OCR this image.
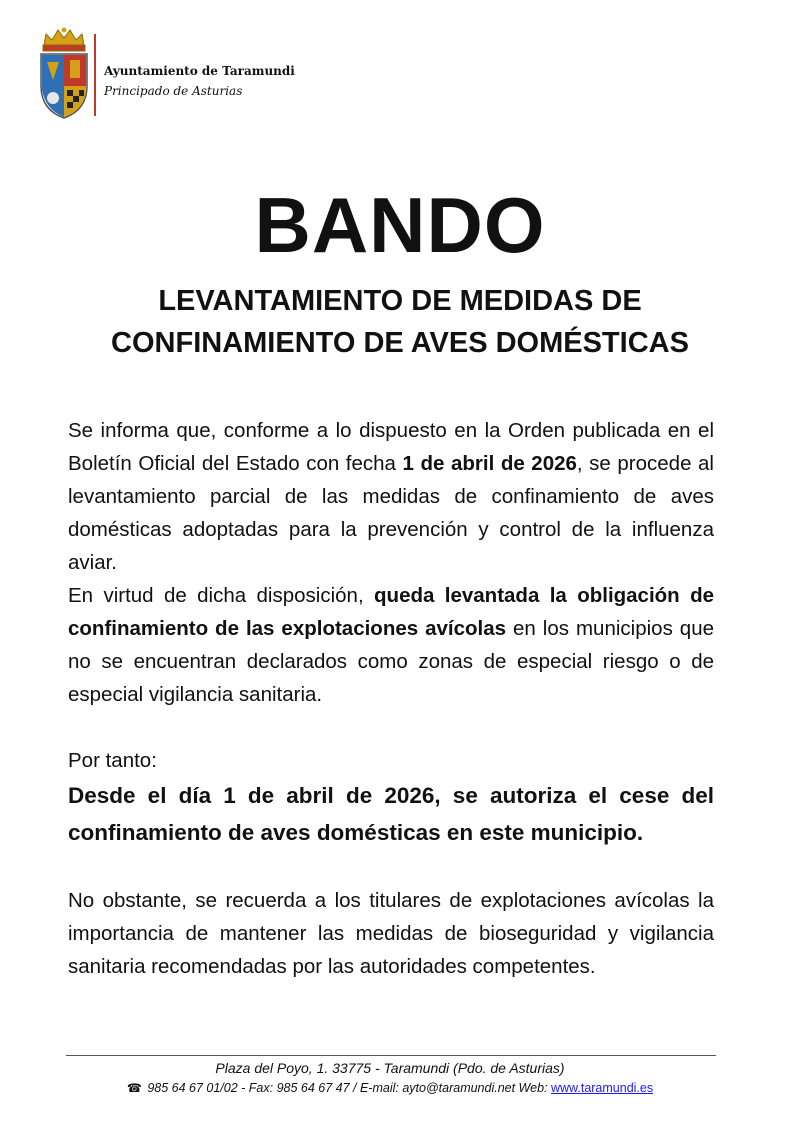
Ayuntamiento de Taramundi
Principado de Asturias
BANDO
LEVANTAMIENTO DE MEDIDAS DE
CONFINAMIENTO DE AVES DOMÉSTICAS

Se informa que, conforme a lo dispuesto en la Orden publicada en el Boletín Oficial del Estado con fecha 1 de abril de 2026, se procede al levantamiento parcial de las medidas de confinamiento de aves domésticas adoptadas para la prevención y control de la influenza aviar.

En virtud de dicha disposición, queda levantada la obligación de confinamiento de las explotaciones avícolas en los municipios que no se encuentran declarados como zonas de especial riesgo o de especial vigilancia sanitaria.

Por tanto:

Desde el día 1 de abril de 2026, se autoriza el cese del confinamiento de aves domésticas en este municipio.

No obstante, se recuerda a los titulares de explotaciones avícolas la importancia de mantener las medidas de bioseguridad y vigilancia sanitaria recomendadas por las autoridades competentes.

Plaza del Poyo, 1. 33775 - Taramundi (Pdo. de Asturias)
☎ 985 64 67 01/02 - Fax: 985 64 67 47 / E-mail: ayto@taramundi.net Web: www.taramundi.es
